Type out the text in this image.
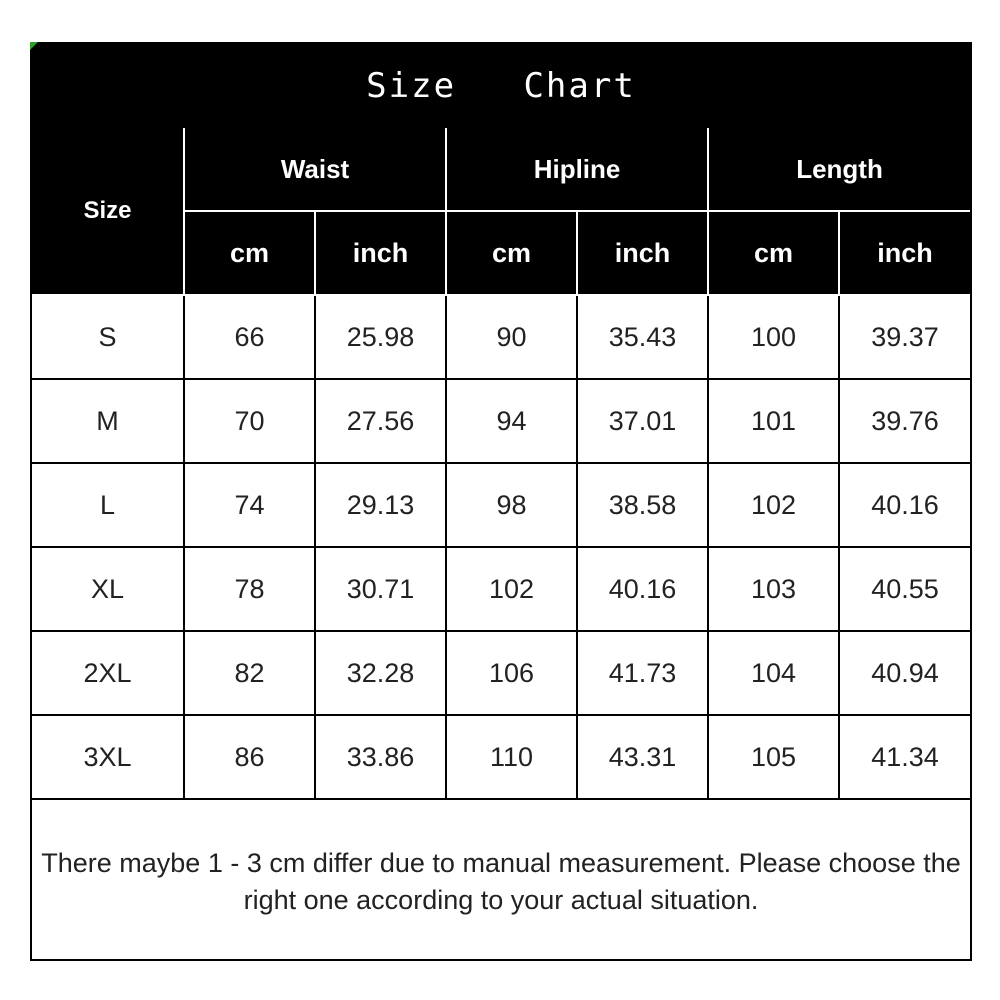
Size   Chart
Size	Waist		Hipline		Length	
	cm	inch	cm	inch	cm	inch
S	66	25.98	90	35.43	100	39.37
M	70	27.56	94	37.01	101	39.76
L	74	29.13	98	38.58	102	40.16
XL	78	30.71	102	40.16	103	40.55
2XL	82	32.28	106	41.73	104	40.94
3XL	86	33.86	110	43.31	105	41.34
There maybe 1 - 3 cm differ due to manual measurement. Please choose the right one according to your actual situation.
